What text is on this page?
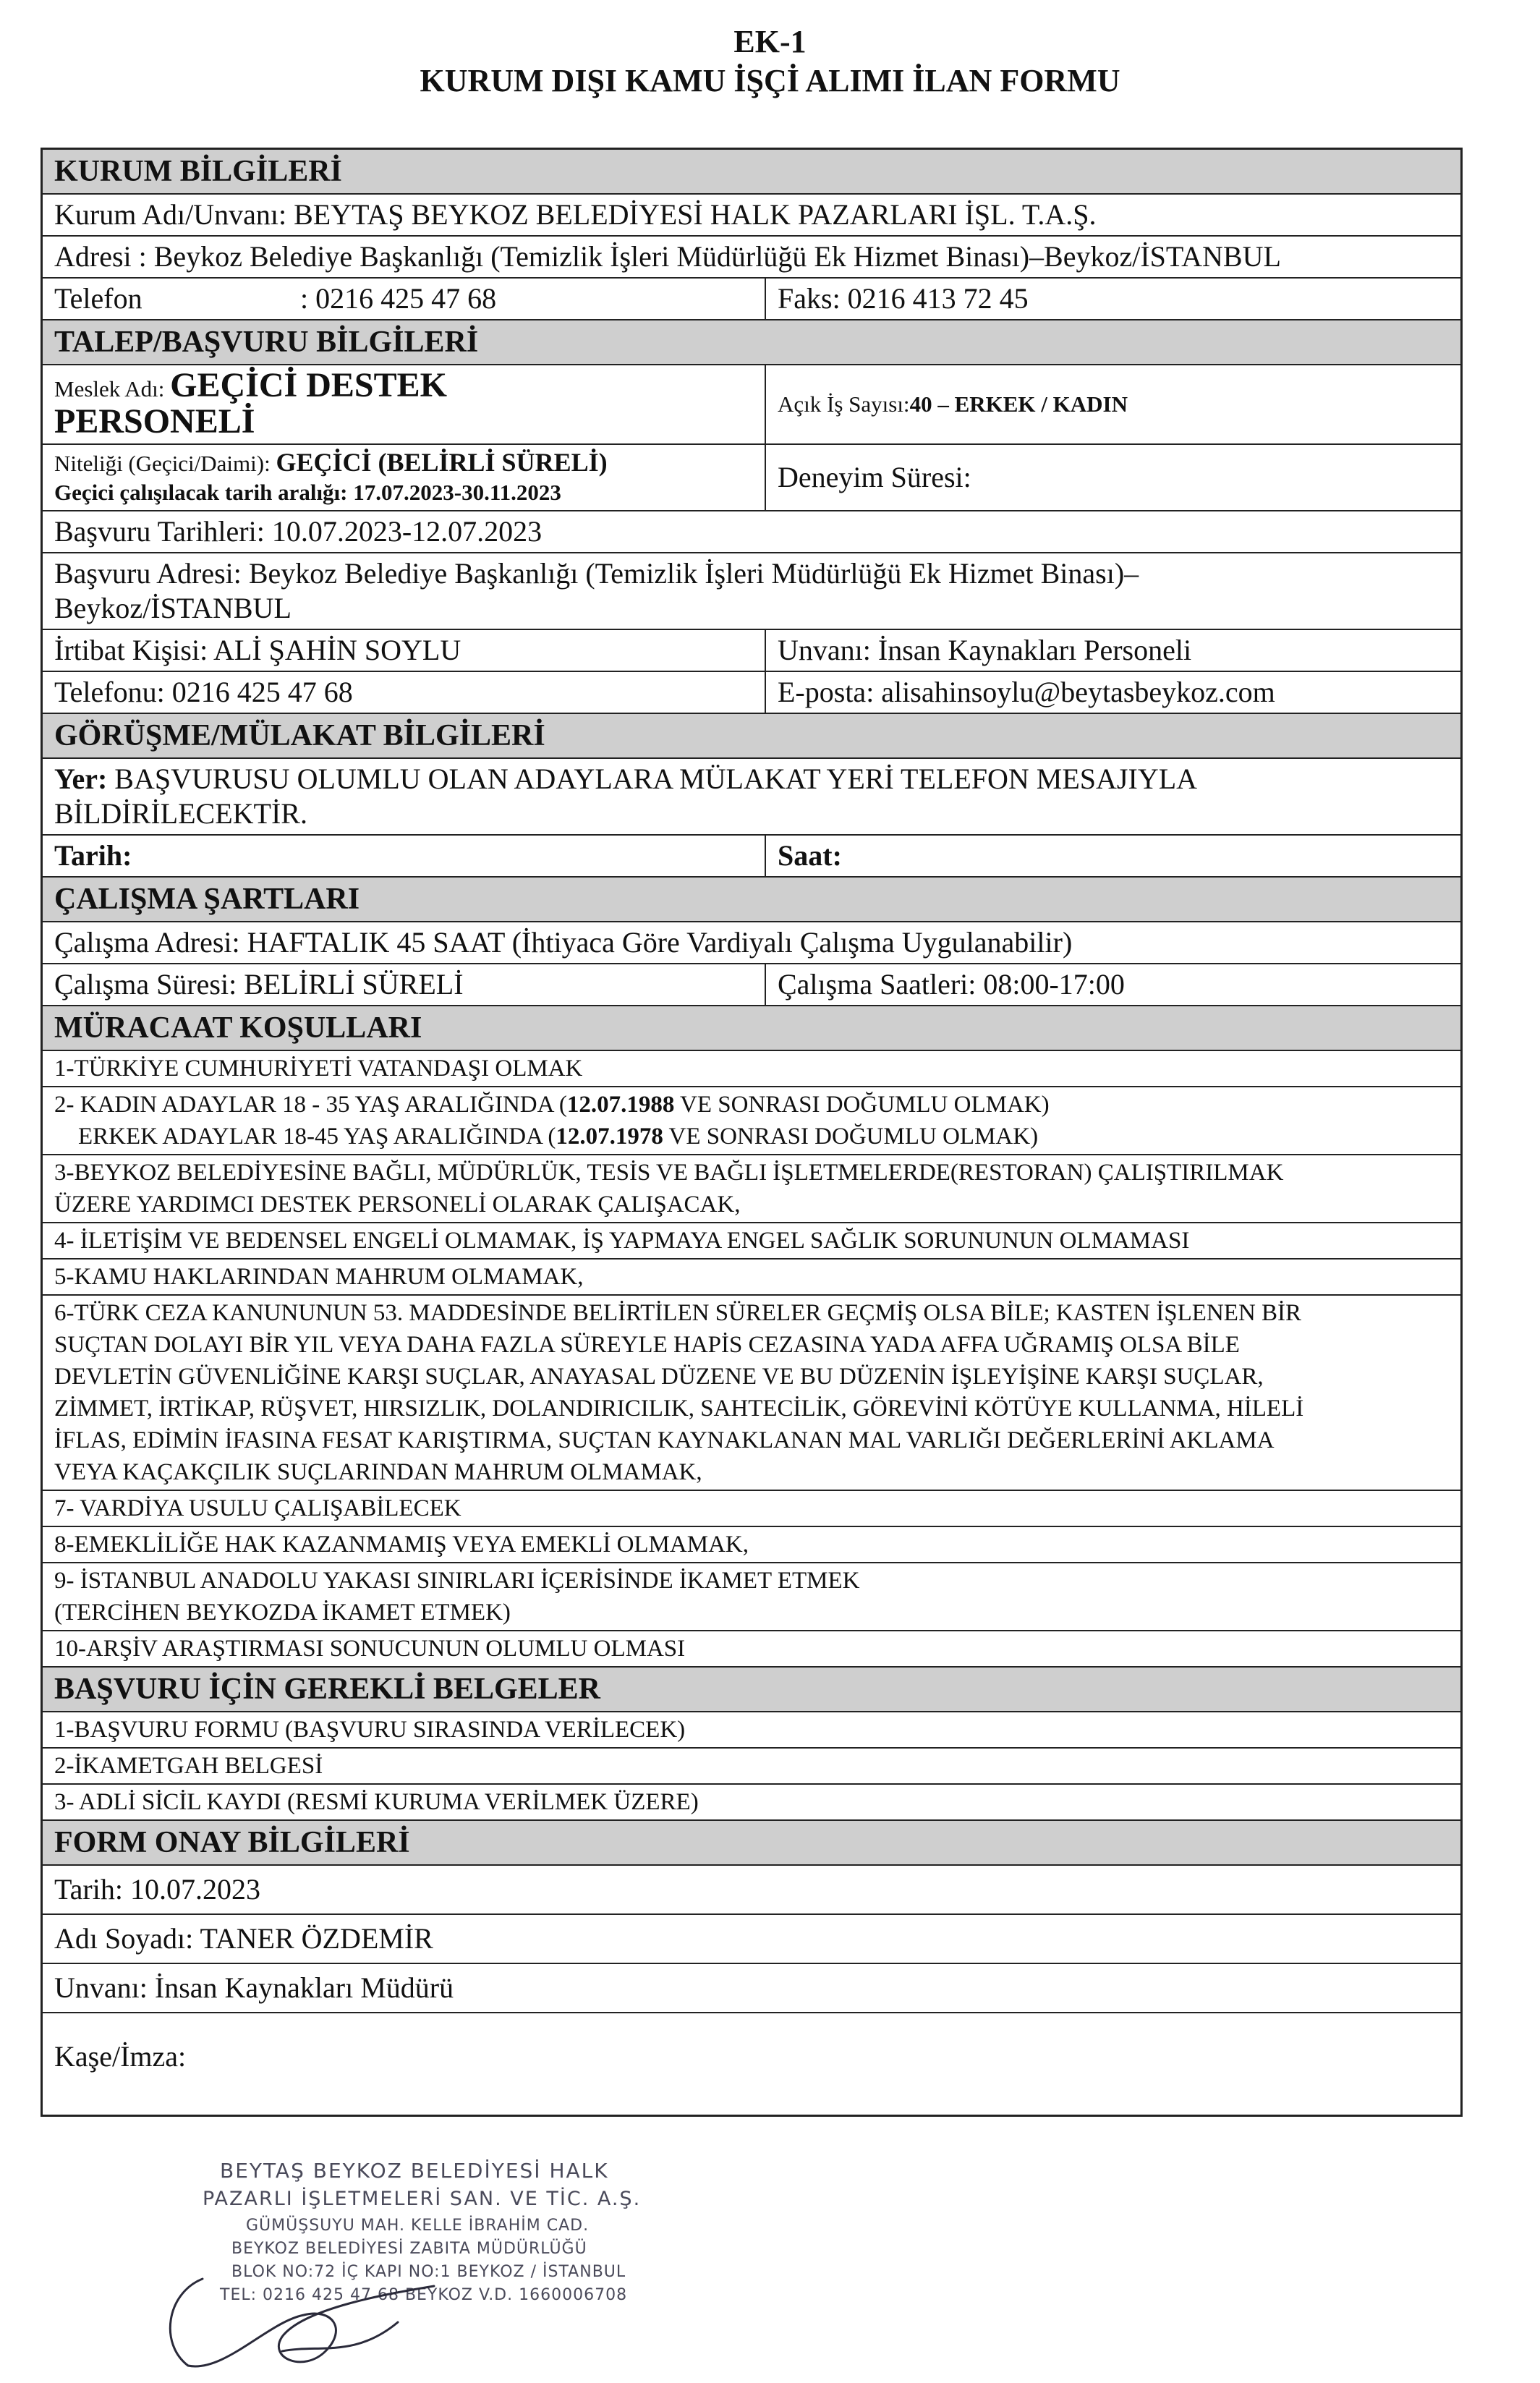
EK-1
KURUM DIŞI KAMU İŞÇİ ALIMI İLAN FORMU
KURUM BİLGİLERİ
Kurum Adı/Unvanı: BEYTAŞ BEYKOZ BELEDİYESİ HALK PAZARLARI İŞL. T.A.Ş.
Adresi : Beykoz Belediye Başkanlığı (Temizlik İşleri Müdürlüğü Ek Hizmet Binası)–Beykoz/İSTANBUL
Telefon	: 0216 425 47 68	Faks: 0216 413 72 45
TALEP/BAŞVURU BİLGİLERİ
Meslek Adı: GEÇİCİ DESTEK
PERSONELİ	Açık İş Sayısı: 40 – ERKEK / KADIN
Niteliği (Geçici/Daimi): GEÇİCİ (BELİRLİ SÜRELİ)
Geçici çalışılacak tarih aralığı: 17.07.2023-30.11.2023	Deneyim Süresi:
Başvuru Tarihleri: 10.07.2023-12.07.2023
Başvuru Adresi: Beykoz Belediye Başkanlığı (Temizlik İşleri Müdürlüğü Ek Hizmet Binası)–
Beykoz/İSTANBUL
İrtibat Kişisi: ALİ ŞAHİN SOYLU	Unvanı: İnsan Kaynakları Personeli
Telefonu: 0216 425 47 68	E-posta: alisahinsoylu@beytasbeykoz.com
GÖRÜŞME/MÜLAKAT BİLGİLERİ
Yer: BAŞVURUSU OLUMLU OLAN ADAYLARA MÜLAKAT YERİ TELEFON MESAJIYLA
BİLDİRİLECEKTİR.
Tarih:	Saat:
ÇALIŞMA ŞARTLARI
Çalışma Adresi: HAFTALIK 45 SAAT (İhtiyaca Göre Vardiyalı Çalışma Uygulanabilir)
Çalışma Süresi: BELİRLİ SÜRELİ	Çalışma Saatleri: 08:00-17:00
MÜRACAAT KOŞULLARI
1-TÜRKİYE CUMHURİYETİ VATANDAŞI OLMAK
2- KADIN ADAYLAR 18 - 35 YAŞ ARALIĞINDA (12.07.1988 VE SONRASI DOĞUMLU OLMAK)
ERKEK ADAYLAR 18-45 YAŞ ARALIĞINDA (12.07.1978 VE SONRASI DOĞUMLU OLMAK)
3-BEYKOZ BELEDİYESİNE BAĞLI, MÜDÜRLÜK, TESİS VE BAĞLI İŞLETMELERDE(RESTORAN) ÇALIŞTIRILMAK
ÜZERE YARDIMCI DESTEK PERSONELİ OLARAK ÇALIŞACAK,
4- İLETİŞİM VE BEDENSEL ENGELİ OLMAMAK, İŞ YAPMAYA ENGEL SAĞLIK SORUNUNUN OLMAMASI
5-KAMU HAKLARINDAN MAHRUM OLMAMAK,
6-TÜRK CEZA KANUNUNUN 53. MADDESİNDE BELİRTİLEN SÜRELER GEÇMİŞ OLSA BİLE; KASTEN İŞLENEN BİR
SUÇTAN DOLAYI BİR YIL VEYA DAHA FAZLA SÜREYLE HAPİS CEZASINA YADA AFFA UĞRAMIŞ OLSA BİLE
DEVLETİN GÜVENLİĞİNE KARŞI SUÇLAR, ANAYASAL DÜZENE VE BU DÜZENİN İŞLEYİŞİNE KARŞI SUÇLAR,
ZİMMET, İRTİKAP, RÜŞVET, HIRSIZLIK, DOLANDIRICILIK, SAHTECİLİK, GÖREVİNİ KÖTÜYE KULLANMA, HİLELİ
İFLAS, EDİMİN İFASINA FESAT KARIŞTIRMA, SUÇTAN KAYNAKLANAN MAL VARLIĞI DEĞERLERİNİ AKLAMA
VEYA KAÇAKÇILIK SUÇLARINDAN MAHRUM OLMAMAK,
7- VARDİYA USULU ÇALIŞABİLECEK
8-EMEKLİLİĞE HAK KAZANMAMIŞ VEYA EMEKLİ OLMAMAK,
9- İSTANBUL ANADOLU YAKASI SINIRLARI İÇERİSİNDE İKAMET ETMEK
(TERCİHEN BEYKOZDA İKAMET ETMEK)
10-ARŞİV ARAŞTIRMASI SONUCUNUN OLUMLU OLMASI
BAŞVURU İÇİN GEREKLİ BELGELER
1-BAŞVURU FORMU (BAŞVURU SIRASINDA VERİLECEK)
2-İKAMETGAH BELGESİ
3- ADLİ SİCİL KAYDI (RESMİ KURUMA VERİLMEK ÜZERE)
FORM ONAY BİLGİLERİ
Tarih: 10.07.2023
Adı Soyadı: TANER ÖZDEMİR
Unvanı: İnsan Kaynakları Müdürü
Kaşe/İmza:
BEYTAŞ BEYKOZ BELEDİYESİ HALK
PAZARLI İŞLETMELERİ SAN. VE TİC. A.Ş.
GÜMÜŞSUYU MAH. KELLE İBRAHİM CAD.
BEYKOZ BELEDİYESİ ZABITA MÜDÜRLÜĞÜ
BLOK NO:72 İÇ KAPI NO:1 BEYKOZ / İSTANBUL
TEL: 0216 425 47 68 BEYKOZ V.D. 1660006708
